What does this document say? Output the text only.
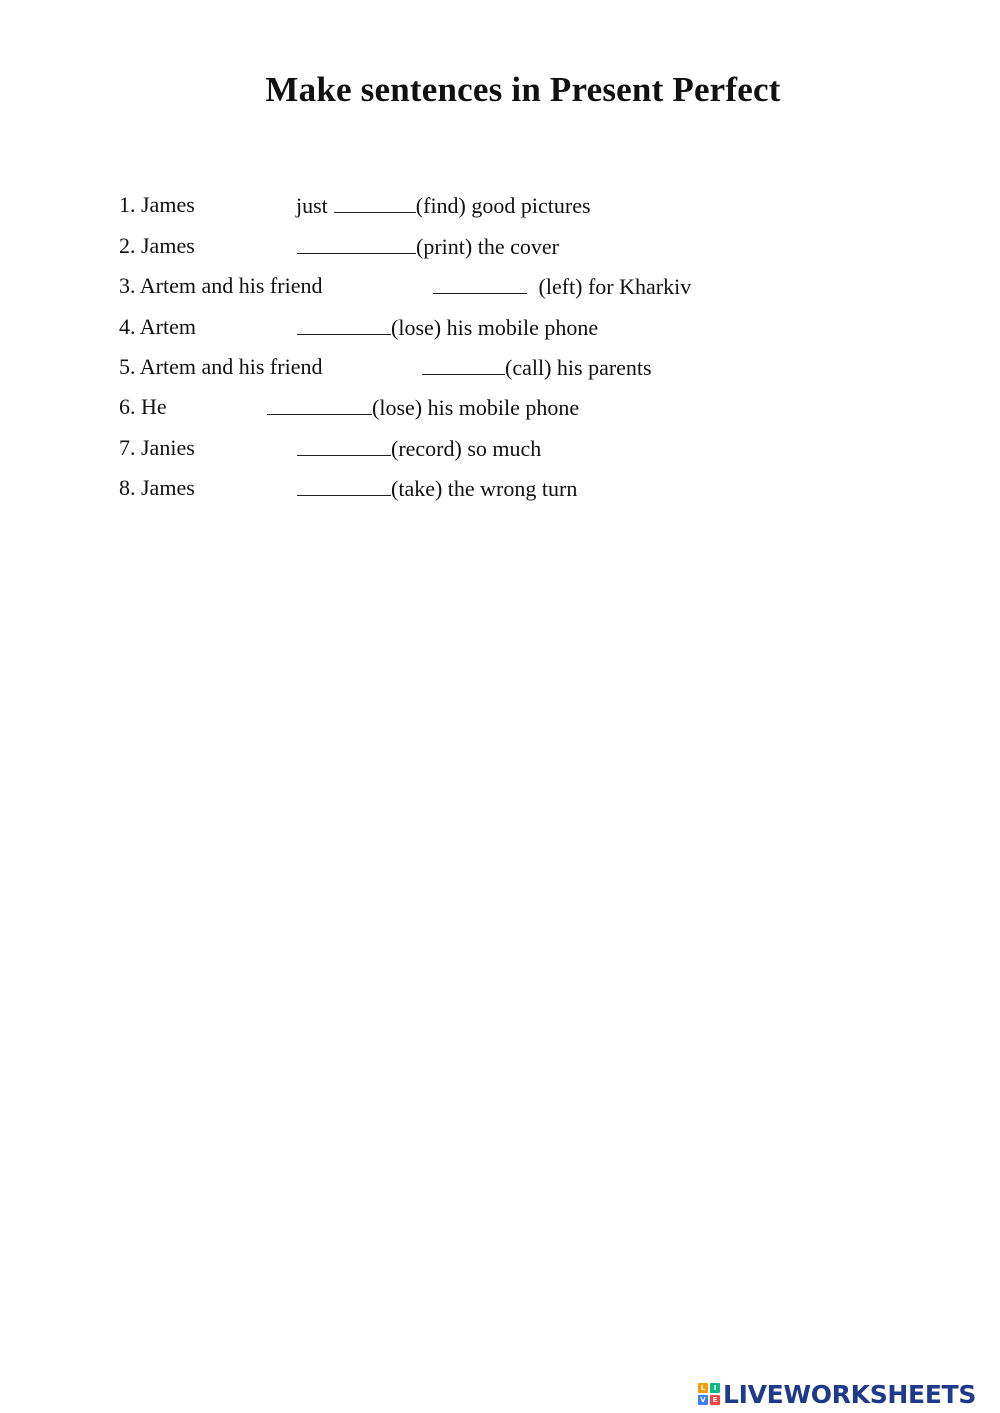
Make sentences in Present Perfect
1. James	just	(find) good pictures
2. James	(print) the cover
3. Artem and his friend	(left) for Kharkiv
4. Artem	(lose) his mobile phone
5. Artem and his friend	(call) his parents
6. He	(lose) his mobile phone
7. Janies	(record) so much
8. James	(take) the wrong turn
L	I
V E LIVEWORKSHEETS
